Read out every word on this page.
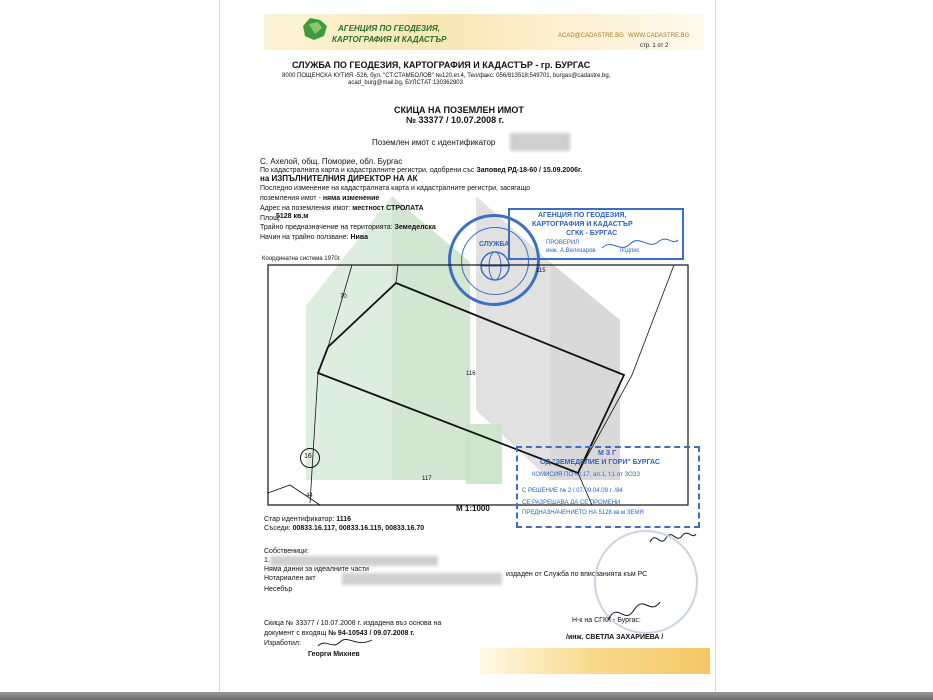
АГЕНЦИЯ ПО ГЕОДЕЗИЯ,
КАРТОГРАФИЯ И КАДАСТЪР	ACAD@CADASTRE.BG WWW.CADASTRE.BG
стр. 1 от 2
СЛУЖБА ПО ГЕОДЕЗИЯ, КАРТОГРАФИЯ И КАДАСТЪР - гр. БУРГАС
8000 ПОЩЕНСКА КУТИЯ -526, бул. "СТ.СТАМБОЛОВ" №120,ет.4, Тел/факс: 056/813518;549701, burgas@cadastre.bg,
acad_burg@mail.bg, БУЛСТАТ:130362903
СКИЦА НА ПОЗЕМЛЕН ИМОТ
№ 33377 / 10.07.2008 г.
Поземлен имот с идентификатор
С. Ахелой, общ. Поморие, обл. Бургас
По кадастралната карта и кадастралните регистри, одобрени със Заповед РД-18-60 / 15.09.2006г.
на ИЗПЪЛНИТЕЛНИЯ ДИРЕКТОР НА АК
Последно изменение на кадастралната карта и кадастралните регистри, засягащо
поземления имот - няма изменение
Адрес на поземления имот: местност СТРОЛАТА
Площ:
5128 кв.м
Трайно предназначение на територията: Земеделска
Начин на трайно ползване: Нива
АГЕНЦИЯ ПО ГЕОДЕЗИЯ,
КАРТОГРАФИЯ И КАДАСТЪР
СГКК - БУРГАС
ПРОВЕРИЛ
инж. А.Велизаров	подпис
СЛУЖБА
Координатна система 1970г.
70
115
116
117
44
16
М 1:1000
М З Г
ОД "ЗЕМЕДЕЛИЕ И ГОРИ" БУРГАС
КОМИСИЯ ПО чл.17, ал.1, т.1 от ЗОЗЗ
С РЕШЕНИЕ № 2 / 07.09.04.09 г. /84
СЕ РАЗРЕШАВА ДА СЕ ПРОМЕНИ
ПРЕДНАЗНАЧЕНИЕТО НА 5128 кв.м ЗЕМЯ
Стар идентификатор: 1116
Съседи: 00833.16.117, 00833.16.115, 00833.16.70
Собственици:
1.
Няма данни за идеалните части
Нотариален акт
издаден от Служба по вписванията към РС
Несебър
Скица № 33377 / 10.07.2008 г. издадена въз основа на
документ с входящ № 94-10543 / 09.07.2008 г.
Изработил:
Георги Михнев
Н-к на СГКК - Бургас:
/инж. СВЕТЛА ЗАХАРИЕВА /
